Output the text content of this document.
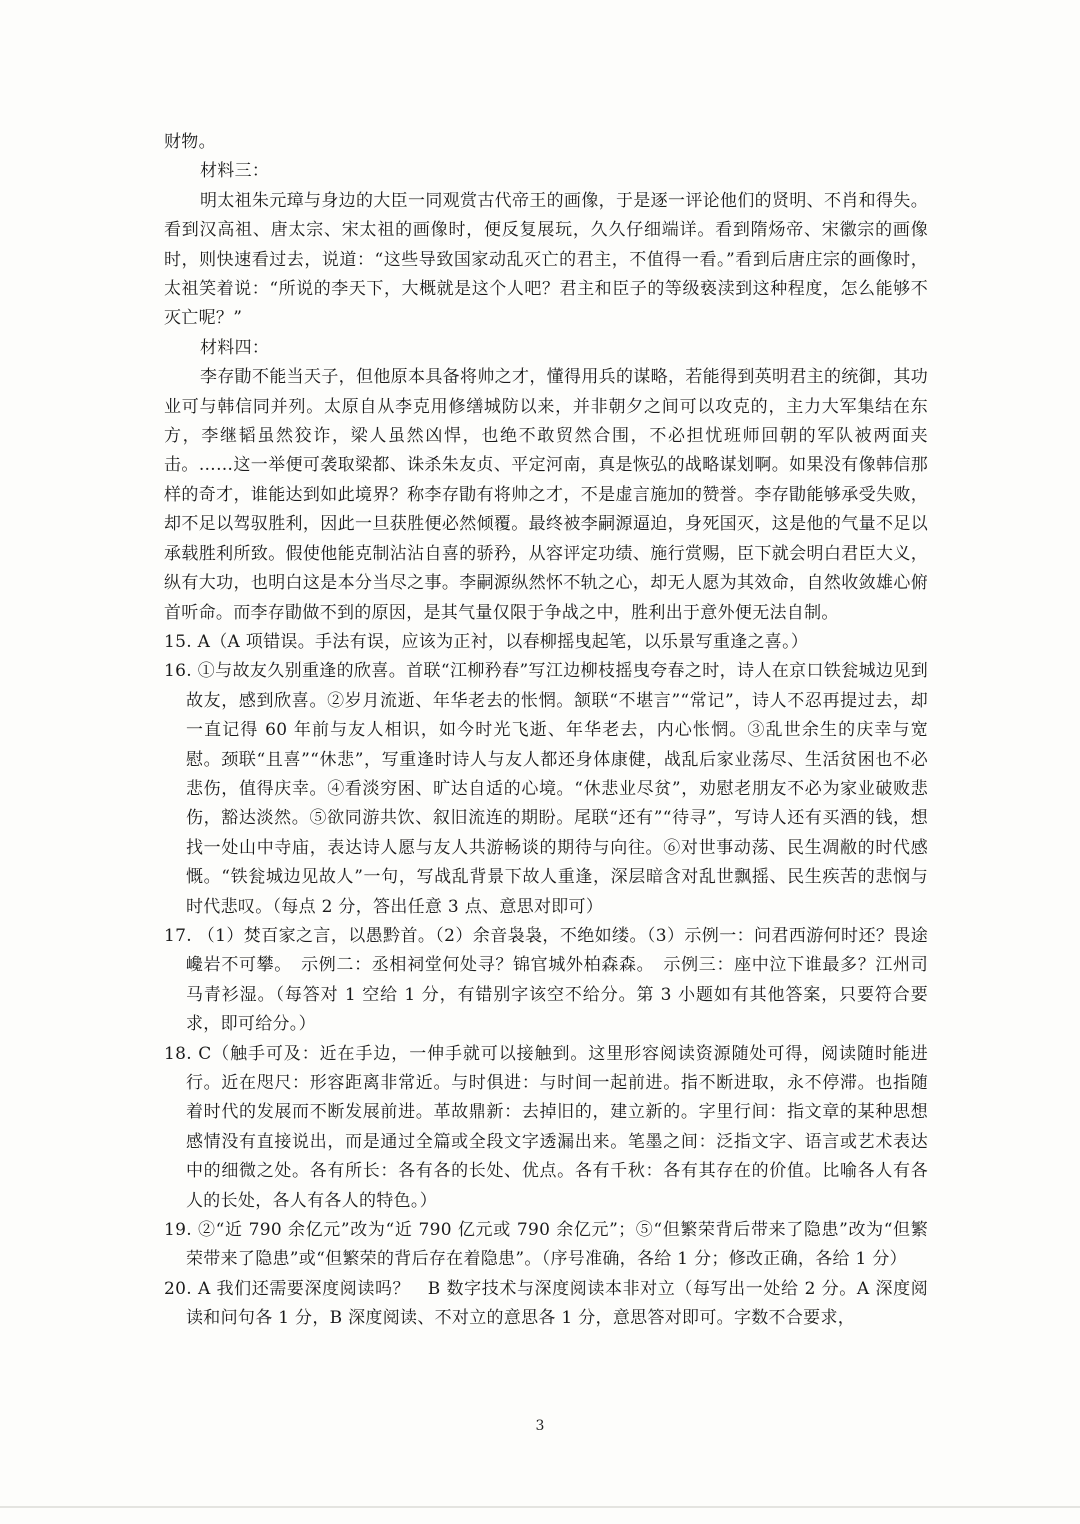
财物。

材料三：

明太祖朱元璋与身边的大臣一同观赏古代帝王的画像，于是逐一评论他们的贤明、不肖和得失。看到汉高祖、唐太宗、宋太祖的画像时，便反复展玩，久久仔细端详。看到隋炀帝、宋徽宗的画像时，则快速看过去，说道：“这些导致国家动乱灭亡的君主，不值得一看。”看到后唐庄宗的画像时，太祖笑着说：“所说的李天下，大概就是这个人吧？君主和臣子的等级亵渎到这种程度，怎么能够不灭亡呢？”

材料四：

李存勖不能当天子，但他原本具备将帅之才，懂得用兵的谋略，若能得到英明君主的统御，其功业可与韩信同并列。太原自从李克用修缮城防以来，并非朝夕之间可以攻克的，主力大军集结在东方，李继韬虽然狡诈，梁人虽然凶悍，也绝不敢贸然合围，不必担忧班师回朝的军队被两面夹击。……这一举便可袭取梁都、诛杀朱友贞、平定河南，真是恢弘的战略谋划啊。如果没有像韩信那样的奇才，谁能达到如此境界？称李存勖有将帅之才，不是虚言施加的赞誉。李存勖能够承受失败，却不足以驾驭胜利，因此一旦获胜便必然倾覆。最终被李嗣源逼迫，身死国灭，这是他的气量不足以承载胜利所致。假使他能克制沾沾自喜的骄矜，从容评定功绩、施行赏赐，臣下就会明白君臣大义，纵有大功，也明白这是本分当尽之事。李嗣源纵然怀不轨之心，却无人愿为其效命，自然收敛雄心俯首听命。而李存勖做不到的原因，是其气量仅限于争战之中，胜利出于意外便无法自制。

15. A（A 项错误。手法有误，应该为正衬，以春柳摇曳起笔，以乐景写重逢之喜。）

16. ①与故友久别重逢的欣喜。首联“江柳矜春”写江边柳枝摇曳夸春之时，诗人在京口铁瓮城边见到故友，感到欣喜。②岁月流逝、年华老去的怅惘。颔联“不堪言”“常记”，诗人不忍再提过去，却一直记得 60 年前与友人相识，如今时光飞逝、年华老去，内心怅惘。③乱世余生的庆幸与宽慰。颈联“且喜”“休悲”，写重逢时诗人与友人都还身体康健，战乱后家业荡尽、生活贫困也不必悲伤，值得庆幸。④看淡穷困、旷达自适的心境。“休悲业尽贫”，劝慰老朋友不必为家业破败悲伤，豁达淡然。⑤欲同游共饮、叙旧流连的期盼。尾联“还有”“待寻”，写诗人还有买酒的钱，想找一处山中寺庙，表达诗人愿与友人共游畅谈的期待与向往。⑥对世事动荡、民生凋敝的时代感慨。“铁瓮城边见故人”一句，写战乱背景下故人重逢，深层暗含对乱世飘摇、民生疾苦的悲悯与时代悲叹。（每点 2 分，答出任意 3 点、意思对即可）

17. （1）焚百家之言，以愚黔首。（2）余音袅袅，不绝如缕。（3）示例一：问君西游何时还？畏途巉岩不可攀。　示例二：丞相祠堂何处寻？锦官城外柏森森。　示例三：座中泣下谁最多？江州司马青衫湿。（每答对 1 空给 1 分，有错别字该空不给分。第 3 小题如有其他答案，只要符合要求，即可给分。）

18. C（触手可及：近在手边，一伸手就可以接触到。这里形容阅读资源随处可得，阅读随时能进行。近在咫尺：形容距离非常近。与时俱进：与时间一起前进。指不断进取，永不停滞。也指随着时代的发展而不断发展前进。革故鼎新：去掉旧的，建立新的。字里行间：指文章的某种思想感情没有直接说出，而是通过全篇或全段文字透漏出来。笔墨之间：泛指文字、语言或艺术表达中的细微之处。各有所长：各有各的长处、优点。各有千秋：各有其存在的价值。比喻各人有各人的长处，各人有各人的特色。）

19. ②“近 790 余亿元”改为“近 790 亿元或 790 余亿元”；⑤“但繁荣背后带来了隐患”改为“但繁荣带来了隐患”或“但繁荣的背后存在着隐患”。（序号准确，各给 1 分；修改正确，各给 1 分）

20. A 我们还需要深度阅读吗？　B 数字技术与深度阅读本非对立（每写出一处给 2 分。A 深度阅读和问句各 1 分，B 深度阅读、不对立的意思各 1 分，意思答对即可。字数不合要求，

3
